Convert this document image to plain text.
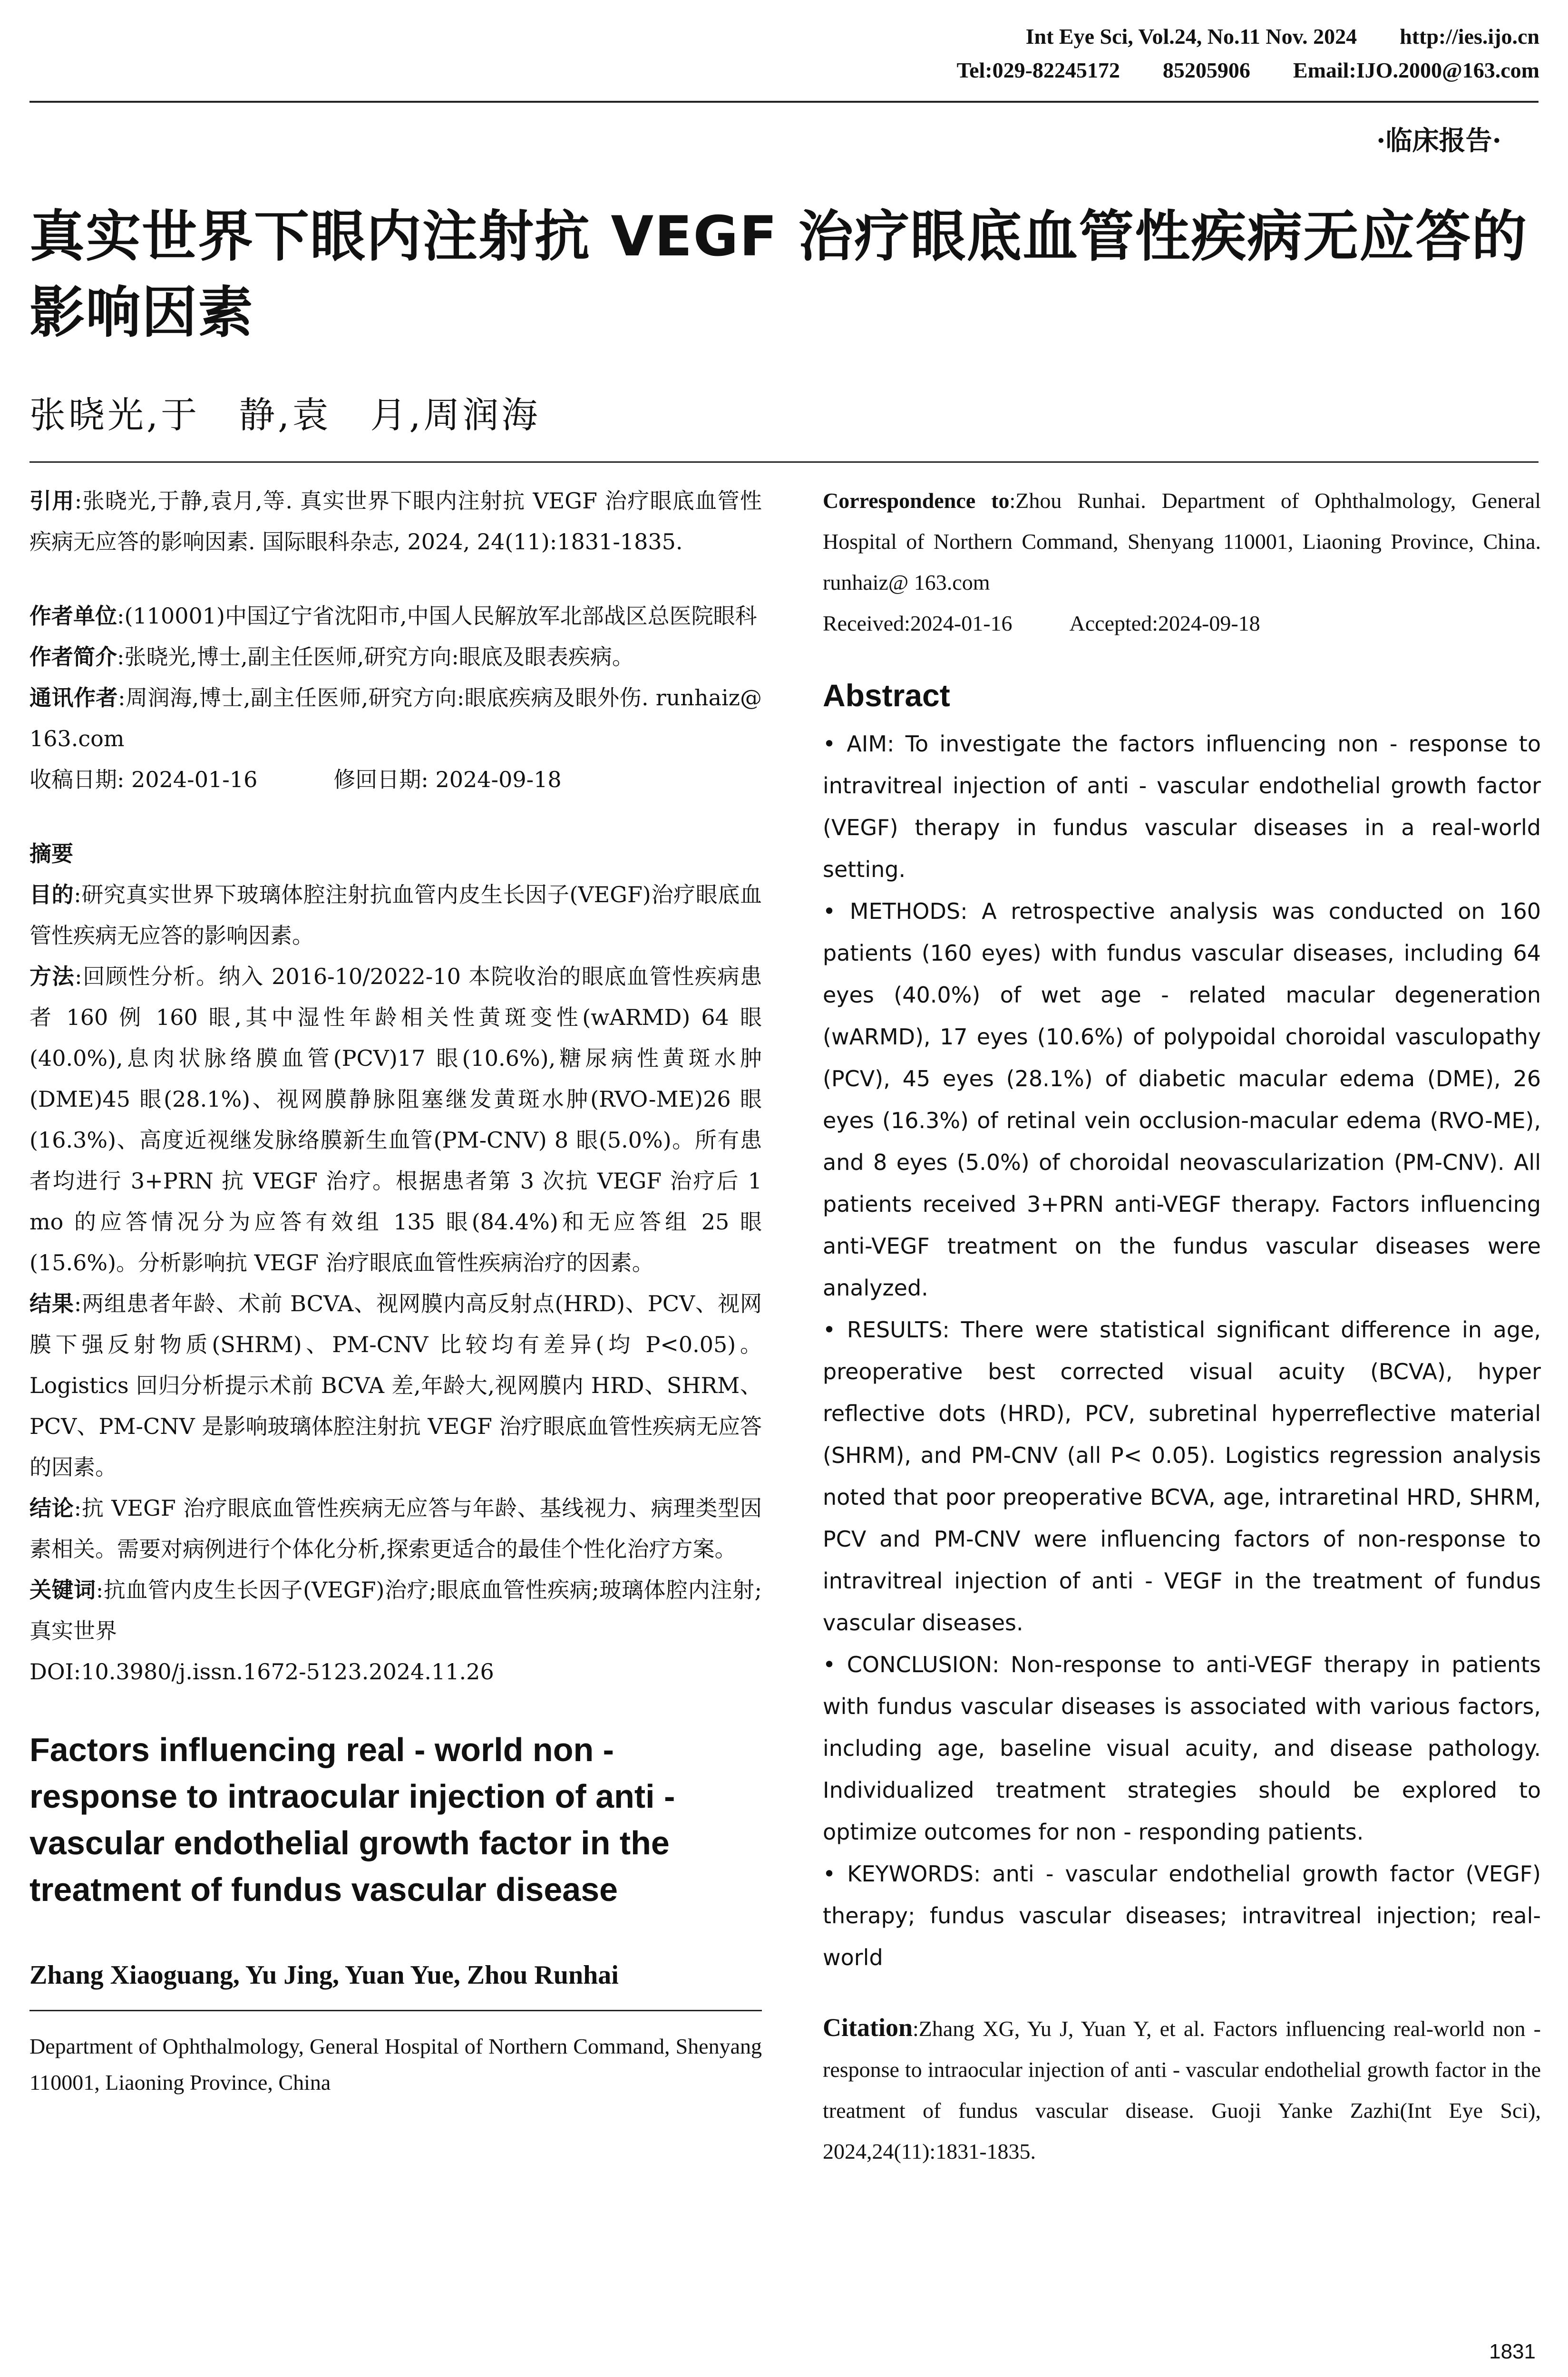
Int Eye Sci, Vol.24, No.11 Nov. 2024 http://ies.ijo.cn
Tel:029-82245172 85205906 Email:IJO.2000@163.com
·临床报告·
真实世界下眼内注射抗 VEGF 治疗眼底血管性疾病无应答的影响因素
张晓光,于　静,袁　月,周润海

引用:张晓光,于静,袁月,等. 真实世界下眼内注射抗 VEGF 治疗眼底血管性疾病无应答的影响因素. 国际眼科杂志, 2024, 24(11):1831-1835.

作者单位:(110001)中国辽宁省沈阳市,中国人民解放军北部战区总医院眼科

作者简介:张晓光,博士,副主任医师,研究方向:眼底及眼表疾病。

通讯作者:周润海,博士,副主任医师,研究方向:眼底疾病及眼外伤. runhaiz@ 163.com

收稿日期: 2024-01-16	修回日期: 2024-09-18

摘要

目的:研究真实世界下玻璃体腔注射抗血管内皮生长因子(VEGF)治疗眼底血管性疾病无应答的影响因素。

方法:回顾性分析。纳入 2016-10/2022-10 本院收治的眼底血管性疾病患者 160 例 160 眼,其中湿性年龄相关性黄斑变性(wARMD) 64 眼(40.0%),息肉状脉络膜血管(PCV)17 眼(10.6%),糖尿病性黄斑水肿(DME)45 眼(28.1%)、视网膜静脉阻塞继发黄斑水肿(RVO-ME)26 眼(16.3%)、高度近视继发脉络膜新生血管(PM-CNV) 8 眼(5.0%)。所有患者均进行 3+PRN 抗 VEGF 治疗。根据患者第 3 次抗 VEGF 治疗后 1 mo 的应答情况分为应答有效组 135 眼(84.4%)和无应答组 25 眼(15.6%)。分析影响抗 VEGF 治疗眼底血管性疾病治疗的因素。

结果:两组患者年龄、术前 BCVA、视网膜内高反射点(HRD)、PCV、视网膜下强反射物质(SHRM)、PM-CNV 比较均有差异(均 P<0.05)。Logistics 回归分析提示术前 BCVA 差,年龄大,视网膜内 HRD、SHRM、PCV、PM-CNV 是影响玻璃体腔注射抗 VEGF 治疗眼底血管性疾病无应答的因素。

结论:抗 VEGF 治疗眼底血管性疾病无应答与年龄、基线视力、病理类型因素相关。需要对病例进行个体化分析,探索更适合的最佳个性化治疗方案。

关键词:抗血管内皮生长因子(VEGF)治疗;眼底血管性疾病;玻璃体腔内注射;真实世界

DOI:10.3980/j.issn.1672-5123.2024.11.26

Factors influencing real - world non - response to intraocular injection of anti - vascular endothelial growth factor in the treatment of fundus vascular disease
Zhang Xiaoguang, Yu Jing, Yuan Yue, Zhou Runhai
Department of Ophthalmology, General Hospital of Northern Command, Shenyang 110001, Liaoning Province, China
Correspondence to:Zhou Runhai. Department of Ophthalmology, General Hospital of Northern Command, Shenyang 110001, Liaoning Province, China. runhaiz@ 163.com
Received:2024-01-16	Accepted:2024-09-18
Abstract

• AIM: To investigate the factors influencing non - response to intravitreal injection of anti - vascular endothelial growth factor (VEGF) therapy in fundus vascular diseases in a real-world setting.

• METHODS: A retrospective analysis was conducted on 160 patients (160 eyes) with fundus vascular diseases, including 64 eyes (40.0%) of wet age - related macular degeneration (wARMD), 17 eyes (10.6%) of polypoidal choroidal vasculopathy (PCV), 45 eyes (28.1%) of diabetic macular edema (DME), 26 eyes (16.3%) of retinal vein occlusion-macular edema (RVO-ME), and 8 eyes (5.0%) of choroidal neovascularization (PM-CNV). All patients received 3+PRN anti-VEGF therapy. Factors influencing anti-VEGF treatment on the fundus vascular diseases were analyzed.

• RESULTS: There were statistical significant difference in age, preoperative best corrected visual acuity (BCVA), hyper reflective dots (HRD), PCV, subretinal hyperreflective material (SHRM), and PM-CNV (all P< 0.05). Logistics regression analysis noted that poor preoperative BCVA, age, intraretinal HRD, SHRM, PCV and PM-CNV were influencing factors of non-response to intravitreal injection of anti - VEGF in the treatment of fundus vascular diseases.

• CONCLUSION: Non-response to anti-VEGF therapy in patients with fundus vascular diseases is associated with various factors, including age, baseline visual acuity, and disease pathology. Individualized treatment strategies should be explored to optimize outcomes for non - responding patients.

• KEYWORDS: anti - vascular endothelial growth factor (VEGF) therapy; fundus vascular diseases; intravitreal injection; real-world

Citation:Zhang XG, Yu J, Yuan Y, et al. Factors influencing real-world non - response to intraocular injection of anti - vascular endothelial growth factor in the treatment of fundus vascular disease. Guoji Yanke Zazhi(Int Eye Sci), 2024,24(11):1831-1835.
1831
